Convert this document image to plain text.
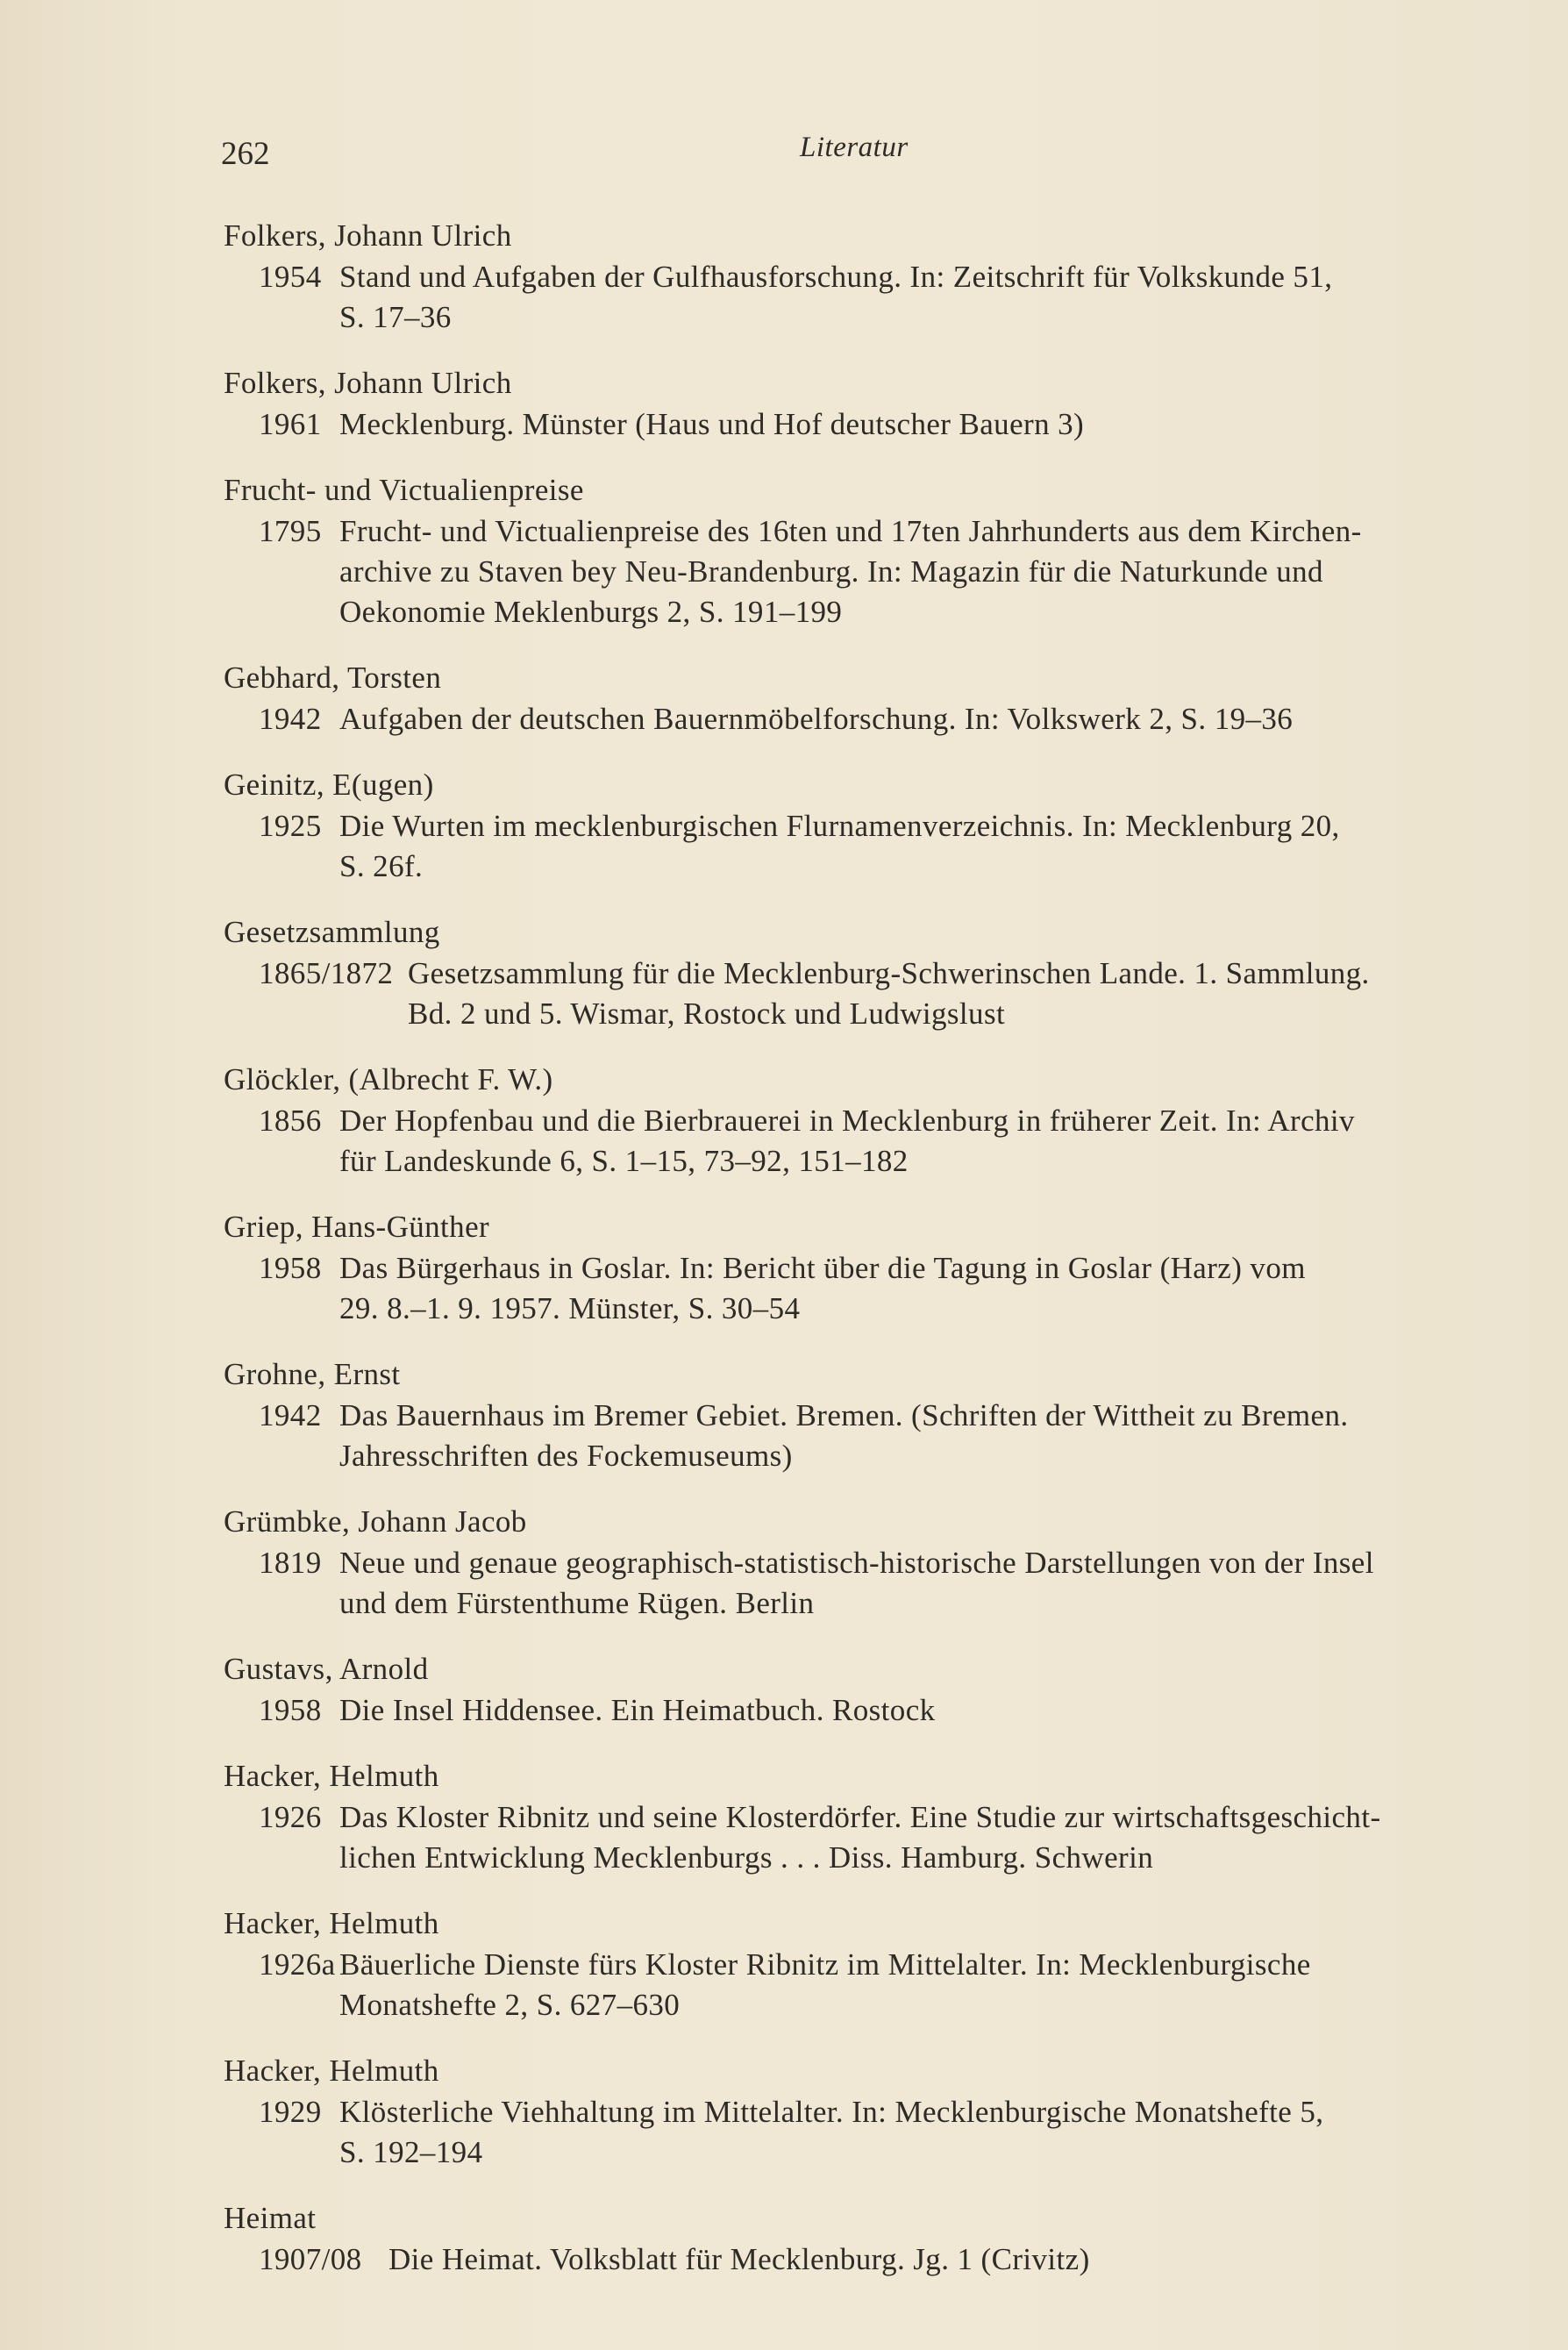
262	Literatur
Folkers, Johann Ulrich
1954 Stand und Aufgaben der Gulfhausforschung. In: Zeitschrift für Volkskunde 51,
S. 17–36
Folkers, Johann Ulrich
1961 Mecklenburg. Münster (Haus und Hof deutscher Bauern 3)
Frucht- und Victualienpreise
1795 Frucht- und Victualienpreise des 16ten und 17ten Jahrhunderts aus dem Kirchen-
archive zu Staven bey Neu-Brandenburg. In: Magazin für die Naturkunde und
Oekonomie Meklenburgs 2, S. 191–199
Gebhard, Torsten
1942 Aufgaben der deutschen Bauernmöbelforschung. In: Volkswerk 2, S. 19–36
Geinitz, E(ugen)
1925 Die Wurten im mecklenburgischen Flurnamenverzeichnis. In: Mecklenburg 20,
S. 26f.
Gesetzsammlung
1865/1872 Gesetzsammlung für die Mecklenburg-Schwerinschen Lande. 1. Sammlung.
Bd. 2 und 5. Wismar, Rostock und Ludwigslust
Glöckler, (Albrecht F. W.)
1856 Der Hopfenbau und die Bierbrauerei in Mecklenburg in früherer Zeit. In: Archiv
für Landeskunde 6, S. 1–15, 73–92, 151–182
Griep, Hans-Günther
1958 Das Bürgerhaus in Goslar. In: Bericht über die Tagung in Goslar (Harz) vom
29. 8.–1. 9. 1957. Münster, S. 30–54
Grohne, Ernst
1942 Das Bauernhaus im Bremer Gebiet. Bremen. (Schriften der Wittheit zu Bremen.
Jahresschriften des Fockemuseums)
Grümbke, Johann Jacob
1819 Neue und genaue geographisch-statistisch-historische Darstellungen von der Insel
und dem Fürstenthume Rügen. Berlin
Gustavs, Arnold
1958 Die Insel Hiddensee. Ein Heimatbuch. Rostock
Hacker, Helmuth
1926 Das Kloster Ribnitz und seine Klosterdörfer. Eine Studie zur wirtschaftsgeschicht-
lichen Entwicklung Mecklenburgs . . . Diss. Hamburg. Schwerin
Hacker, Helmuth
1926a Bäuerliche Dienste fürs Kloster Ribnitz im Mittelalter. In: Mecklenburgische
Monatshefte 2, S. 627–630
Hacker, Helmuth
1929 Klösterliche Viehhaltung im Mittelalter. In: Mecklenburgische Monatshefte 5,
S. 192–194
Heimat
1907/08 Die Heimat. Volksblatt für Mecklenburg. Jg. 1 (Crivitz)
